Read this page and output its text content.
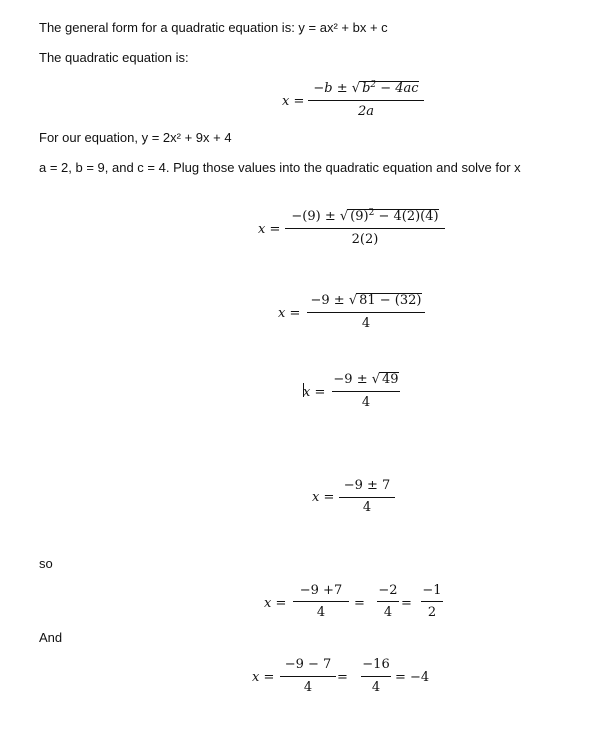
The general form for a quadratic equation is: y = ax² + bx + c
The quadratic equation is:
For our equation, y = 2x² + 9x + 4
a = 2, b = 9, and c = 4. Plug those values into the quadratic equation and solve for x
so
And
x =
−b ± √ $b^2 - 4ac$
2a
x =
−(9) ± √ $(9)^2 - 4(2)(4)$
2(2)
x =
−9 ± √ 81 − (32)
4
x =
−9 ± √ 49
4
x =
−9 ± 7
4
x =
−9 +7
4
=
−2
4
=
−1
2
x =
−9 − 7
4
=
−16
4
= −4
